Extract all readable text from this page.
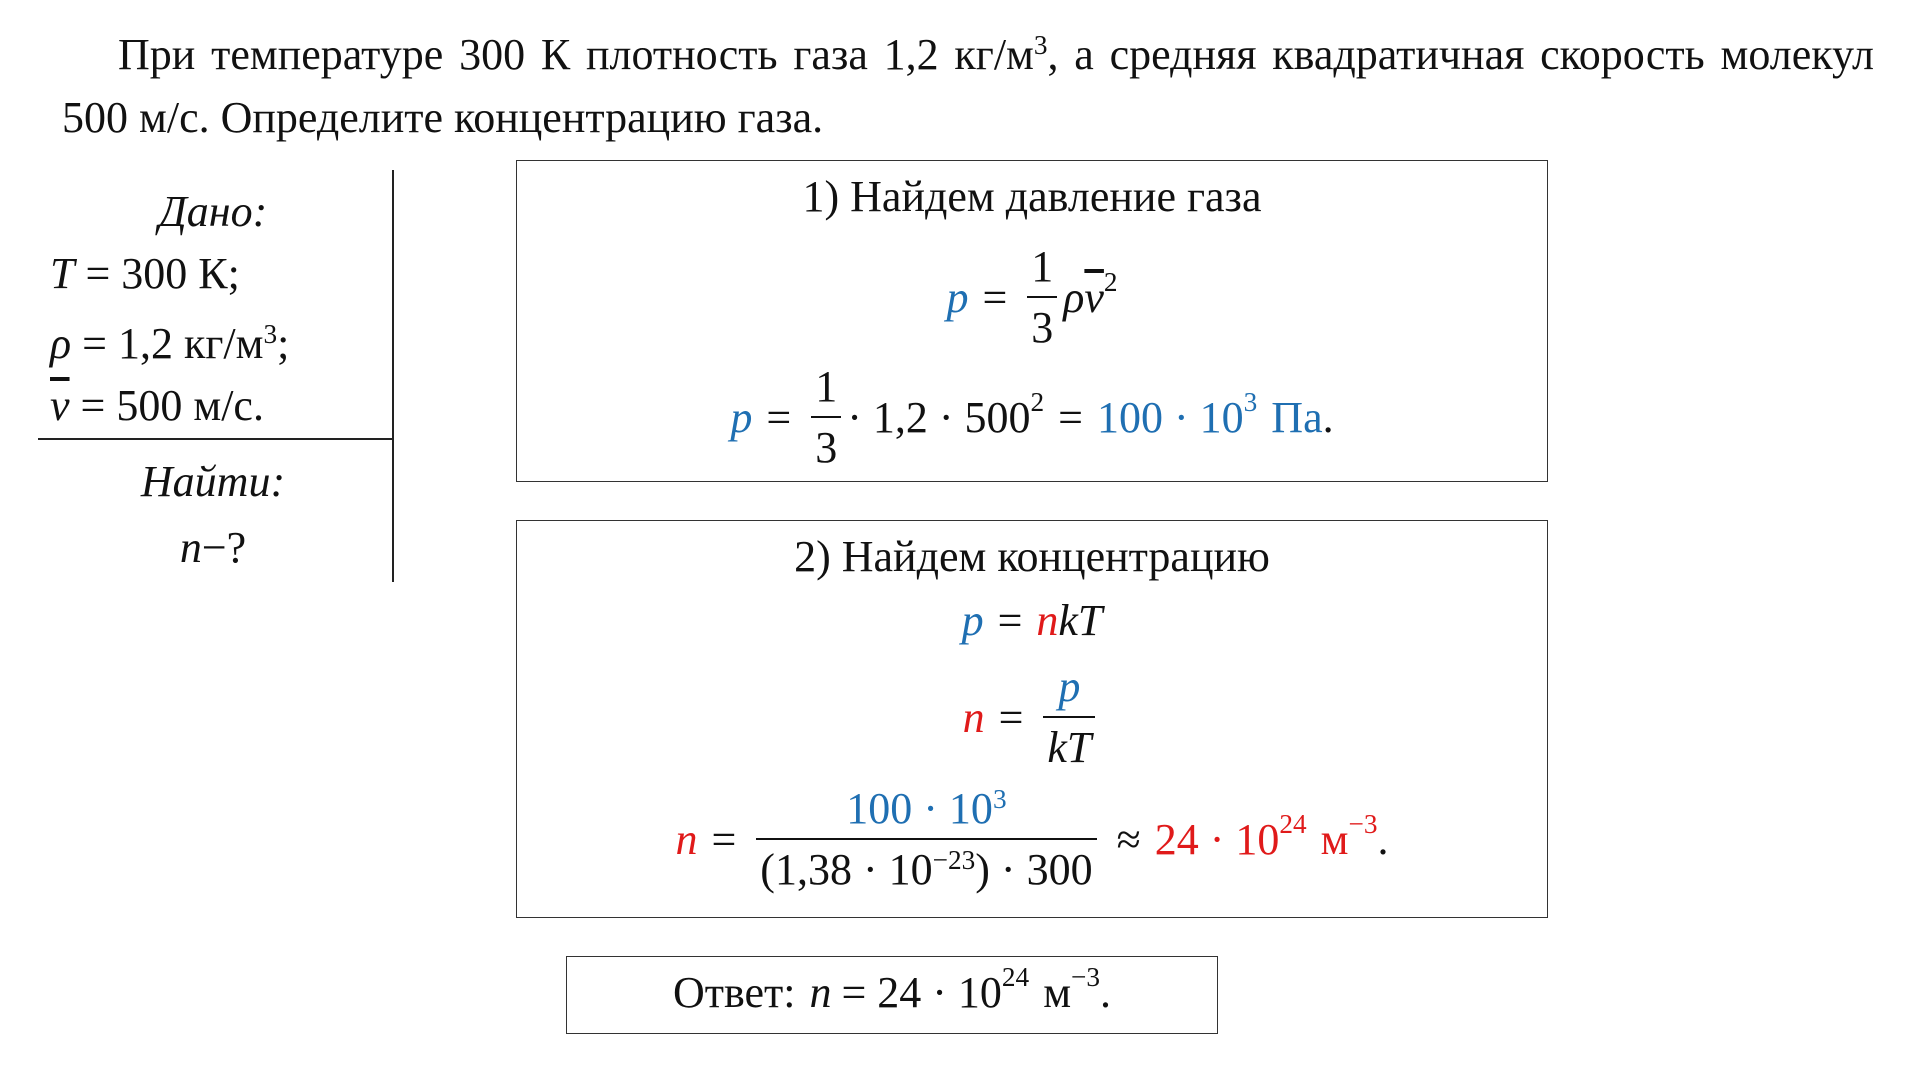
При температуре 300 К плотность газа 1,2 $кг/м^3$, а средняя квадратичная скорость молекул 500 м/с. Определите концентрацию газа.
Дано:
T = 300 К;
ρ = 1,2 $кг/м^3$;
$\overline{v} = 500$ м/с.
Найти:
n−?
1) Найдем давление газа
$p = \frac{1}{3}$ ρ $\overline{v}^2$
$p = \frac{1}{3} \cdot 1,2 \cdot 500^2 = 100 \cdot 10^3$ Па .
2) Найдем концентрацию
p = n kT
$n = \frac{p}{kT}$
$n = \frac{100 \cdot 10^3}{(1,38 \cdot 10^{-23}) \cdot 300} \approx 24 \cdot 10^{24}$ $м^{-3}$ .
Ответ: $n = 24 \cdot 10^{24}$ $м^{-3}$ .
